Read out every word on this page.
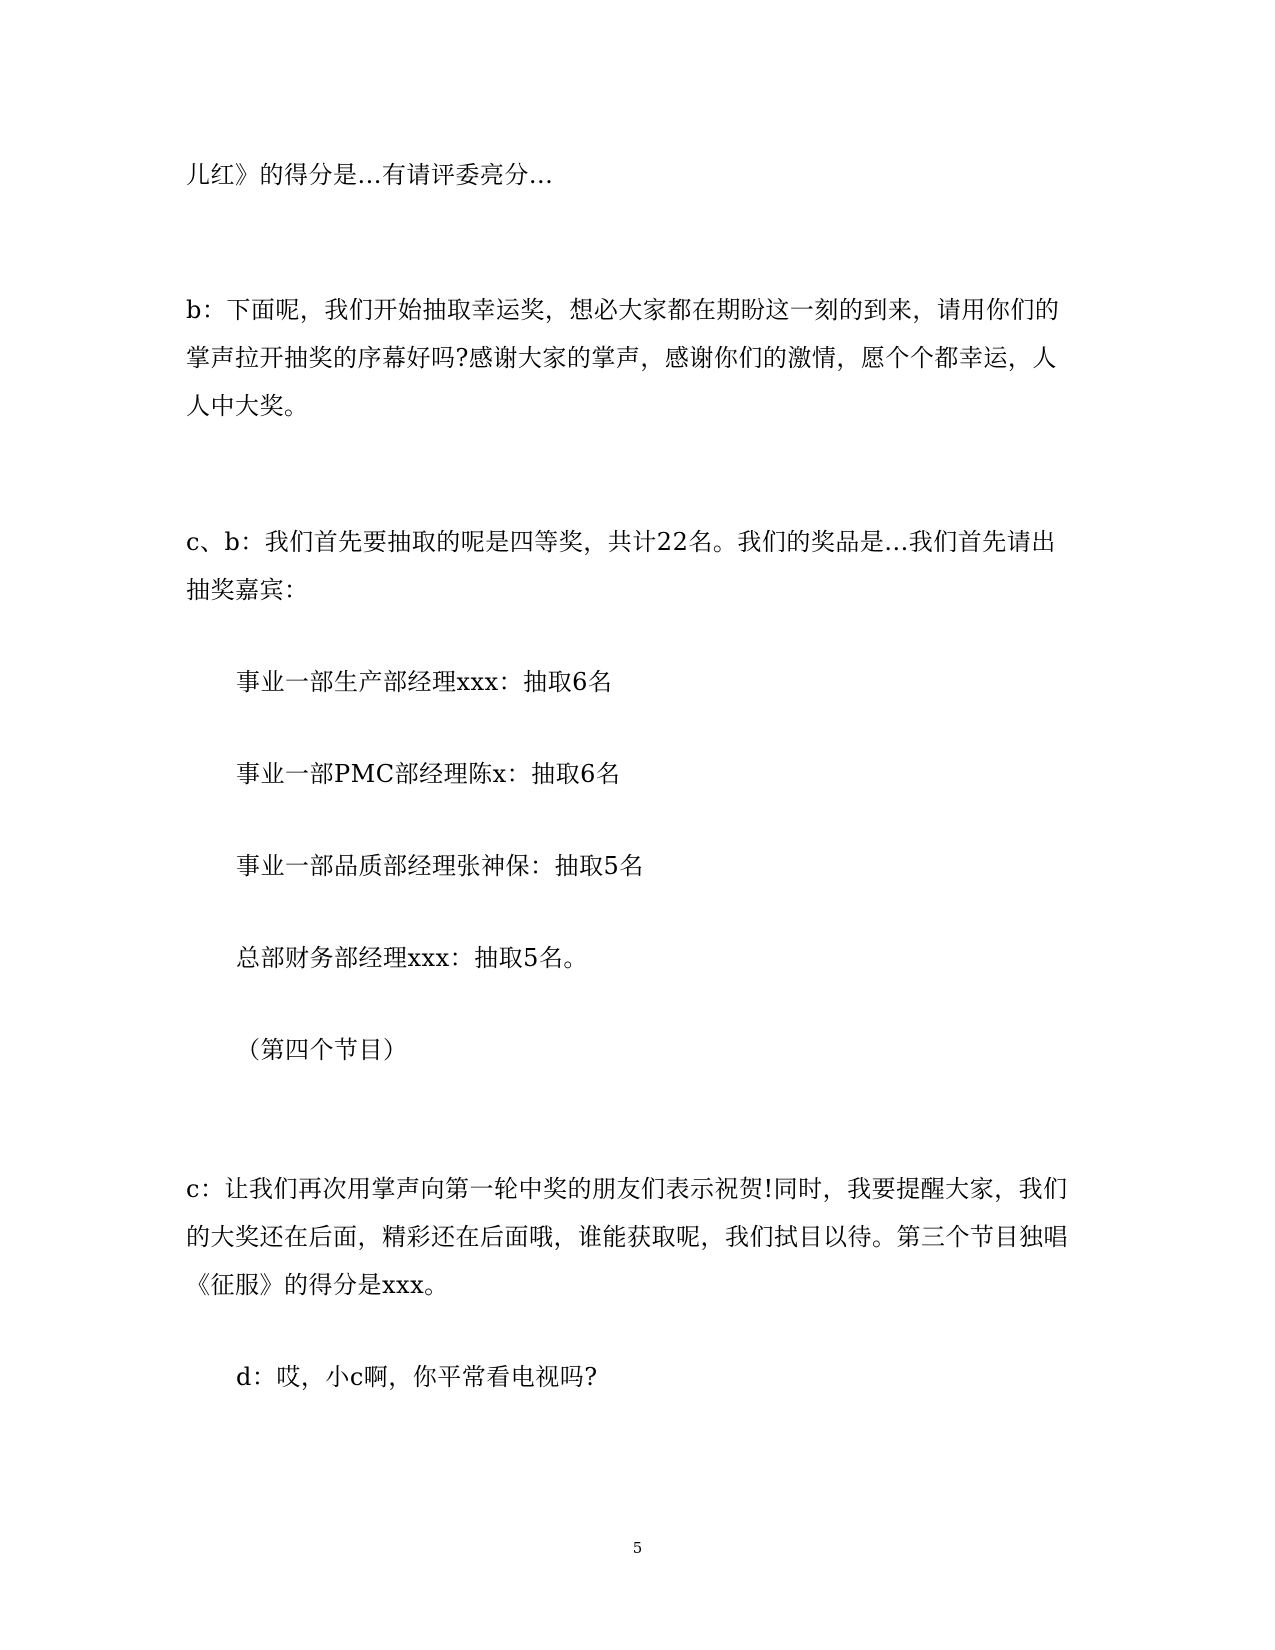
儿红》的得分是...有请评委亮分...
b：下面呢，我们开始抽取幸运奖，想必大家都在期盼这一刻的到来，请用你们的
掌声拉开抽奖的序幕好吗?感谢大家的掌声，感谢你们的激情，愿个个都幸运，人
人中大奖。
c、b：我们首先要抽取的呢是四等奖，共计22名。我们的奖品是...我们首先请出
抽奖嘉宾：
事业一部生产部经理xxx：抽取6名
事业一部PMC部经理陈x：抽取6名
事业一部品质部经理张神保：抽取5名
总部财务部经理xxx：抽取5名。
（第四个节目）
c：让我们再次用掌声向第一轮中奖的朋友们表示祝贺!同时，我要提醒大家，我们
的大奖还在后面，精彩还在后面哦，谁能获取呢，我们拭目以待。第三个节目独唱
《征服》的得分是xxx。
d：哎，小c啊，你平常看电视吗?
5
